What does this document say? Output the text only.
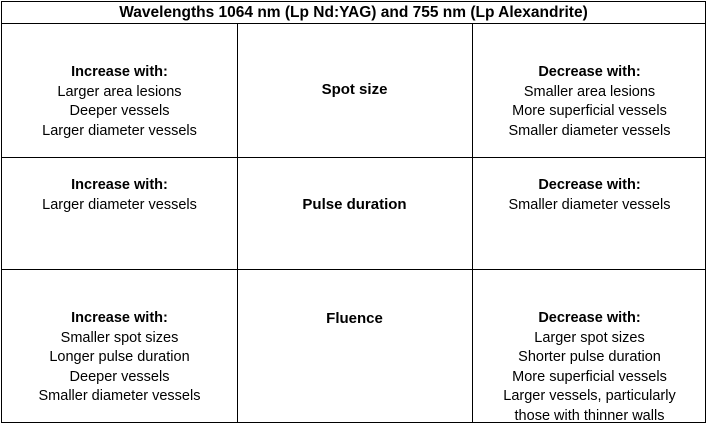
Wavelengths 1064 nm (Lp Nd:YAG) and 755 nm (Lp Alexandrite)
Increase with:
Larger area lesions
Deeper vessels
Larger diameter vessels
Spot size
Decrease with:
Smaller area lesions
More superficial vessels
Smaller diameter vessels
Increase with:
Larger diameter vessels	Pulse duration
Decrease with:
Smaller diameter vessels
Increase with:
Smaller spot sizes
Longer pulse duration
Deeper vessels
Smaller diameter vessels
Fluence	Decrease with:
Larger spot sizes
Shorter pulse duration
More superficial vessels
Larger vessels, particularly
those with thinner walls
